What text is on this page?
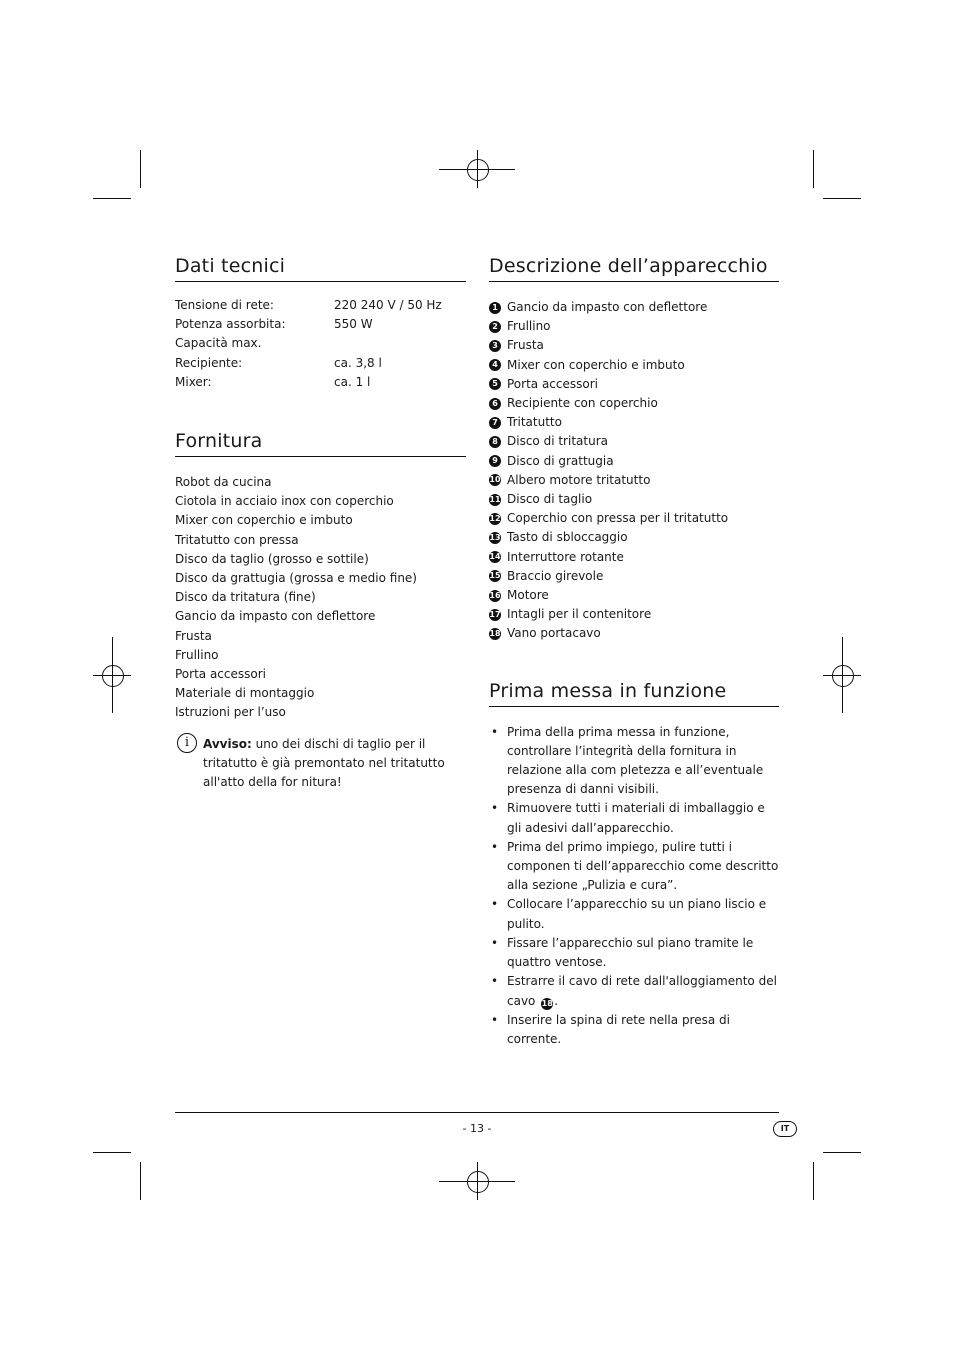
Dati tecnici
Tensione di rete:	220 240 V / 50 Hz
Potenza assorbita:	550 W
Capacità max.	
Recipiente:	ca. 3,8 l
Mixer:	ca. 1 l
Fornitura
Robot da cucina
Ciotola in acciaio inox con coperchio
Mixer con coperchio e imbuto
Tritatutto con pressa
Disco da taglio (grosso e sottile)
Disco da grattugia (grossa e medio fine)
Disco da tritatura (fine)
Gancio da impasto con deflettore
Frusta
Frullino
Porta accessori
Materiale di montaggio
Istruzioni per l’uso
i	Avviso: uno dei dischi di taglio per il tritatutto è già premontato nel tritatutto all'atto della for nitura!
Descrizione dell’apparecchio
1 Gancio da impasto con deflettore
2 Frullino
3 Frusta
4 Mixer con coperchio e imbuto
5 Porta accessori
6 Recipiente con coperchio
7 Tritatutto
8 Disco di tritatura
9 Disco di grattugia
10 Albero motore tritatutto
11 Disco di taglio
12 Coperchio con pressa per il tritatutto
13 Tasto di sbloccaggio
14 Interruttore rotante
15 Braccio girevole
16 Motore
17 Intagli per il contenitore
18 Vano portacavo
Prima messa in funzione
• Prima della prima messa in funzione, controllare l’integrità della fornitura in relazione alla com pletezza e all’eventuale presenza di danni visibili.
• Rimuovere tutti i materiali di imballaggio e gli adesivi dall’apparecchio.
• Prima del primo impiego, pulire tutti i componen ti dell’apparecchio come descritto alla sezione „Pulizia e cura”.
• Collocare l’apparecchio su un piano liscio e pulito.
• Fissare l’apparecchio sul piano tramite le quattro ventose.
• Estrarre il cavo di rete dall'alloggiamento del cavo 18.
• Inserire la spina di rete nella presa di corrente.
- 13 -	IT
